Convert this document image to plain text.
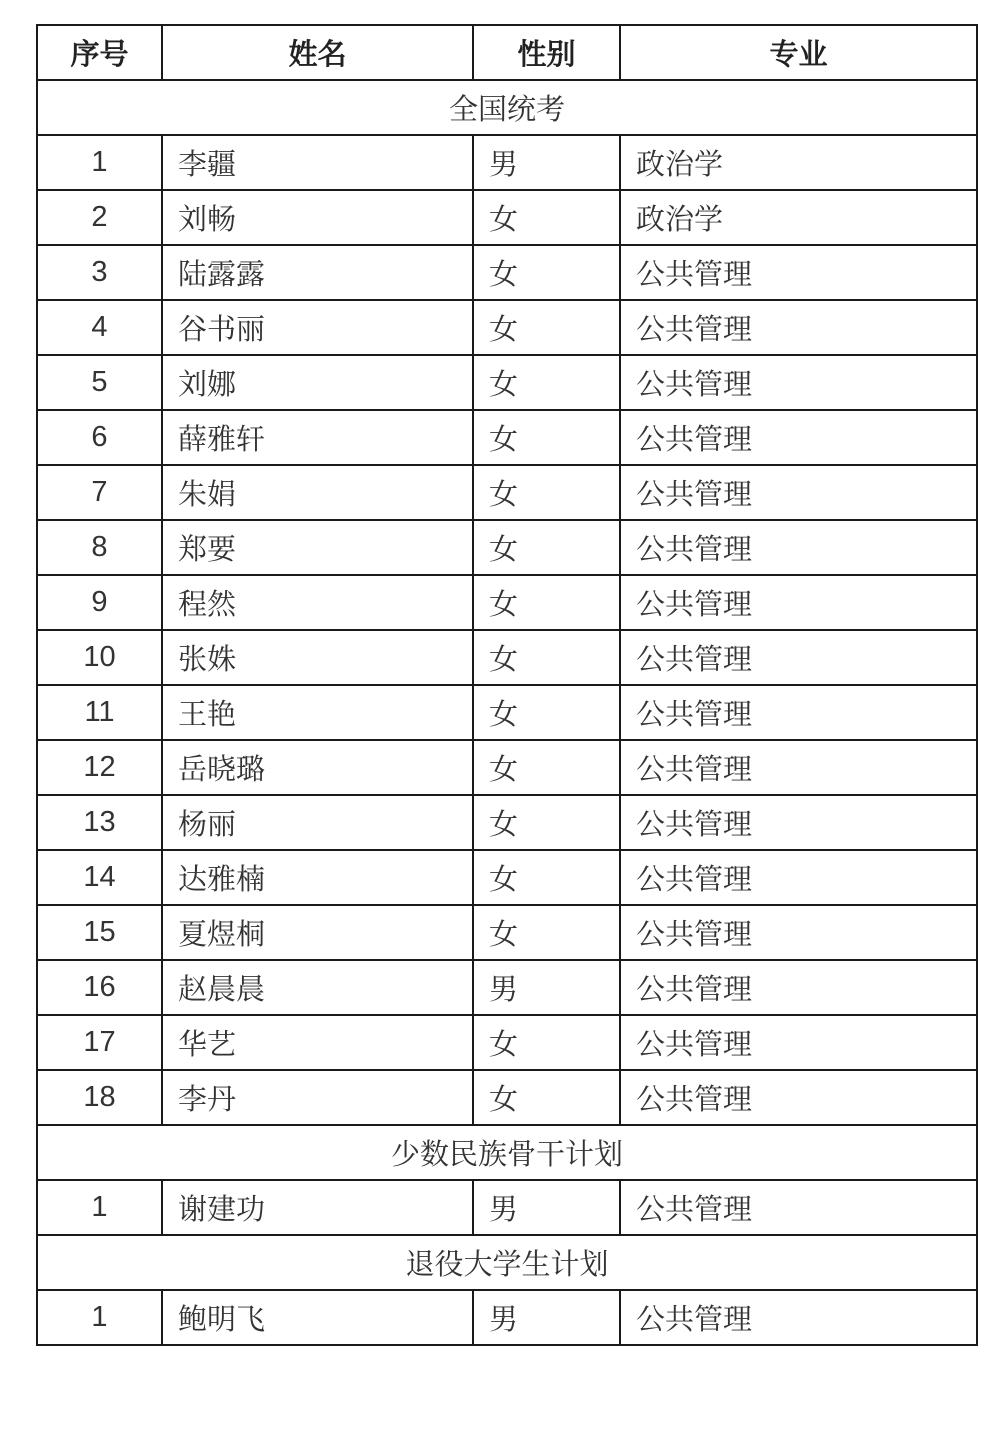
序号	姓名	性别	专业
全国统考			
1	李疆	男	政治学
2	刘畅	女	政治学
3	陆露露	女	公共管理
4	谷书丽	女	公共管理
5	刘娜	女	公共管理
6	薛雅轩	女	公共管理
7	朱娟	女	公共管理
8	郑要	女	公共管理
9	程然	女	公共管理
10	张姝	女	公共管理
11	王艳	女	公共管理
12	岳晓璐	女	公共管理
13	杨丽	女	公共管理
14	达雅楠	女	公共管理
15	夏煜桐	女	公共管理
16	赵晨晨	男	公共管理
17	华艺	女	公共管理
18	李丹	女	公共管理
少数民族骨干计划			
1	谢建功	男	公共管理
退役大学生计划			
1	鲍明飞	男	公共管理
